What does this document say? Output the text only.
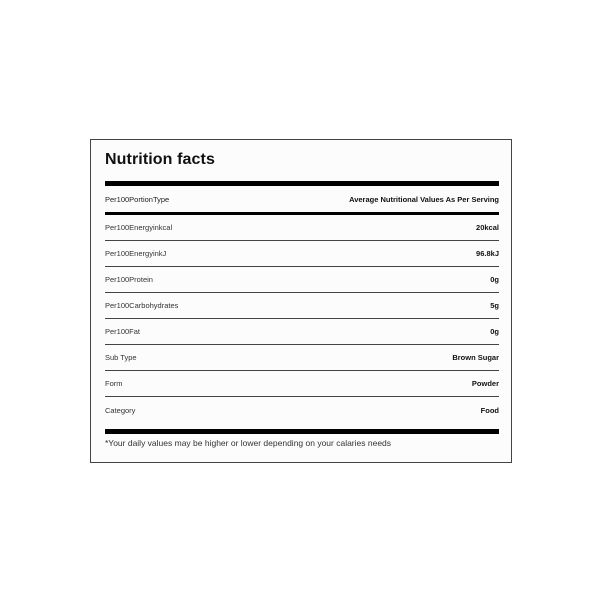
Nutrition facts
Per100PortionType	Average Nutritional Values As Per Serving
Per100Energyinkcal	20kcal
Per100EnergyinkJ	96.8kJ
Per100Protein	0g
Per100Carbohydrates	5g
Per100Fat	0g
Sub Type	Brown Sugar
Form	Powder
Category	Food
*Your daily values may be higher or lower depending on your calaries needs
